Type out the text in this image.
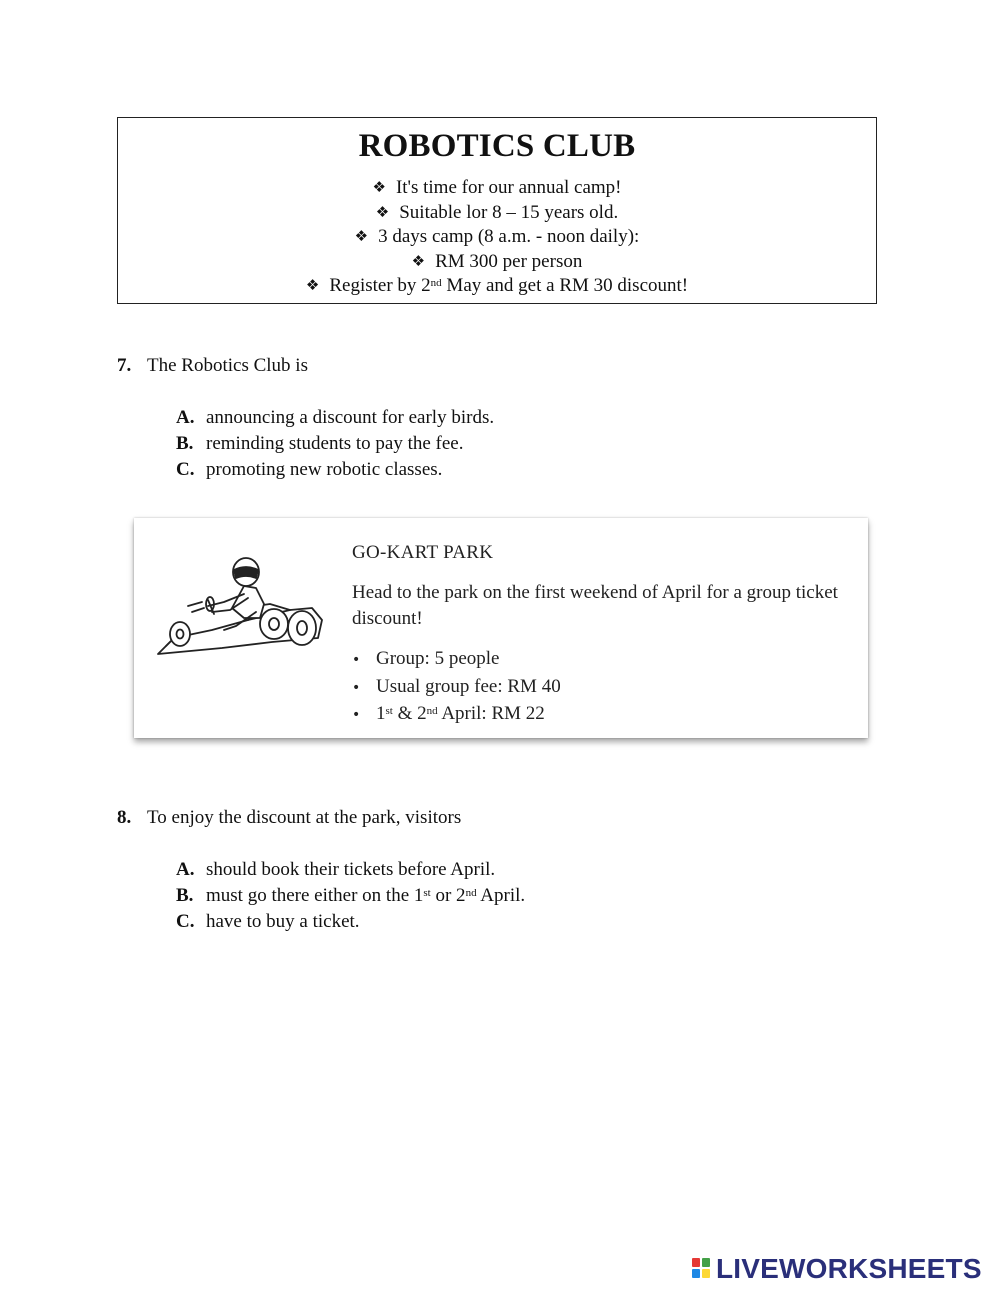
ROBOTICS CLUB
❖ It's time for our annual camp!
❖ Suitable lor 8 – 15 years old.
❖ 3 days camp (8 a.m. - noon daily):
❖ RM 300 per person
❖ Register by 2nd May and get a RM 30 discount!
7. The Robotics Club is
A. announcing a discount for early birds.
B. reminding students to pay the fee.
C. promoting new robotic classes.
GO-KART PARK
Head to the park on the first weekend of April for a group ticket discount!
• Group: 5 people
• Usual group fee: RM 40
• 1st & 2nd April: RM 22
8. To enjoy the discount at the park, visitors
A. should book their tickets before April.
B. must go there either on the 1st or 2nd April.
C. have to buy a ticket.
LIVEWORKSHEETS
